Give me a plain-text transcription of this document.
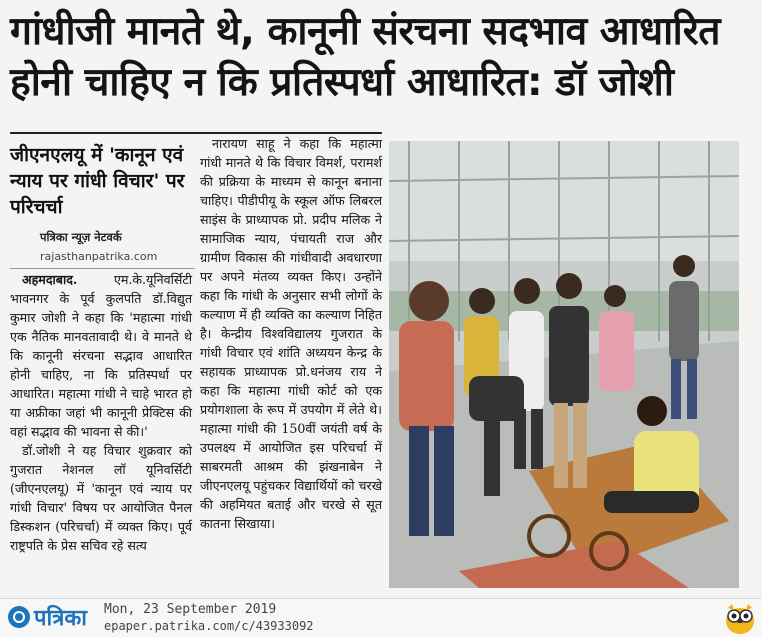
गांधीजी मानते थे, कानूनी संरचना सदभाव आधारित
होनी चाहिए न कि प्रतिस्पर्धा आधारित: डॉ जोशी
जीएनएलयू में 'कानून एवं न्याय पर गांधी विचार' पर परिचर्चा
पत्रिका न्यूज़ नेटवर्क
rajasthanpatrika.com

अहमदाबाद.	एम.के.यूनिवर्सिटी भावनगर के पूर्व कुलपति डॉ.विद्युत कुमार जोशी ने कहा कि 'महात्मा गांधी एक नैतिक मानवतावादी थे। वे मानते थे कि कानूनी संरचना सद्भाव आधारित होनी चाहिए, ना कि प्रतिस्पर्धा पर आधारित। महात्मा गांधी ने चाहे भारत हो या अफ्रीका जहां भी कानूनी प्रेक्टिस की वहां सद्भाव की भावना से की।'

डॉ.जोशी ने यह विचार शुक्रवार को गुजरात नेशनल लॉ यूनिवर्सिटी (जीएनएलयू) में 'कानून एवं न्याय पर गांधी विचार' विषय पर आयोजित पैनल डिस्कशन (परिचर्चा) में व्यक्त किए। पूर्व राष्ट्रपति के प्रेस सचिव रहे सत्य

नारायण साहू ने कहा कि महात्मा गांधी मानते थे कि विचार विमर्श, परामर्श की प्रक्रिया के माध्यम से कानून बनाना चाहिए। पीडीपीयू के स्कूल ऑफ लिबरल साइंस के प्राध्यापक प्रो. प्रदीप मलिक ने सामाजिक न्याय, पंचायती राज और ग्रामीण विकास की गांधीवादी अवधारणा पर अपने मंतव्य व्यक्त किए। उन्होंने कहा कि गांधी के अनुसार सभी लोगों के कल्याण में ही व्यक्ति का कल्याण निहित है। केन्द्रीय विश्वविद्यालय गुजरात के गांधी विचार एवं शांति अध्ययन केन्द्र के सहायक प्राध्यापक प्रो.धनंजय राय ने कहा कि महात्मा गांधी कोर्ट को एक प्रयोगशाला के रूप में उपयोग में लेते थे। महात्मा गांधी की 150वीं जयंती वर्ष के उपलक्ष्य में आयोजित इस परिचर्चा में साबरमती आश्रम की झंखनाबेन ने जीएनएलयू पहुंचकर विद्यार्थियों को चरखे की अहमियत बताई और चरखे से सूत कातना सिखाया।

पत्रिका Mon, 23 September 2019
epaper.patrika.com/c/43933092
